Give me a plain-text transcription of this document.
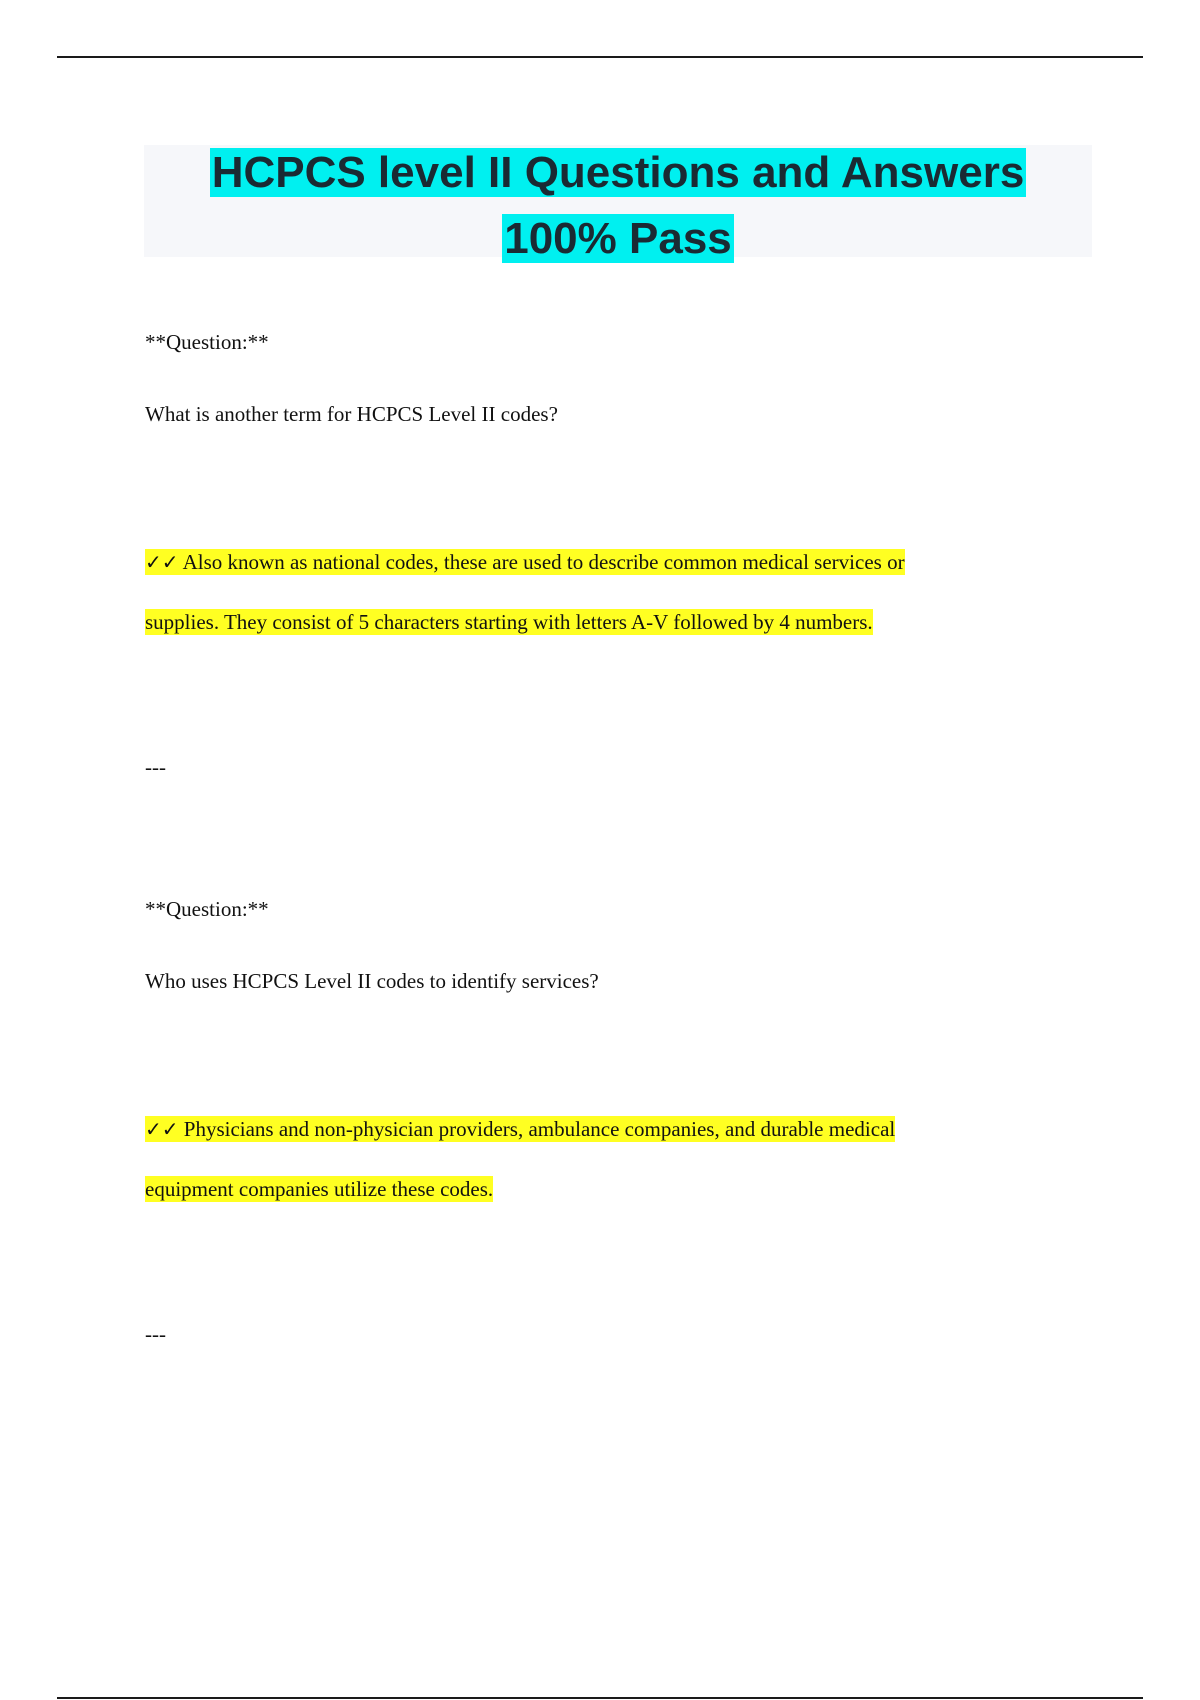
HCPCS level II Questions and Answers
100% Pass
**Question:**
What is another term for HCPCS Level II codes?
✓✓ Also known as national codes, these are used to describe common medical services or
supplies. They consist of 5 characters starting with letters A-V followed by 4 numbers.
---
**Question:**
Who uses HCPCS Level II codes to identify services?
✓✓ Physicians and non-physician providers, ambulance companies, and durable medical
equipment companies utilize these codes.
---
